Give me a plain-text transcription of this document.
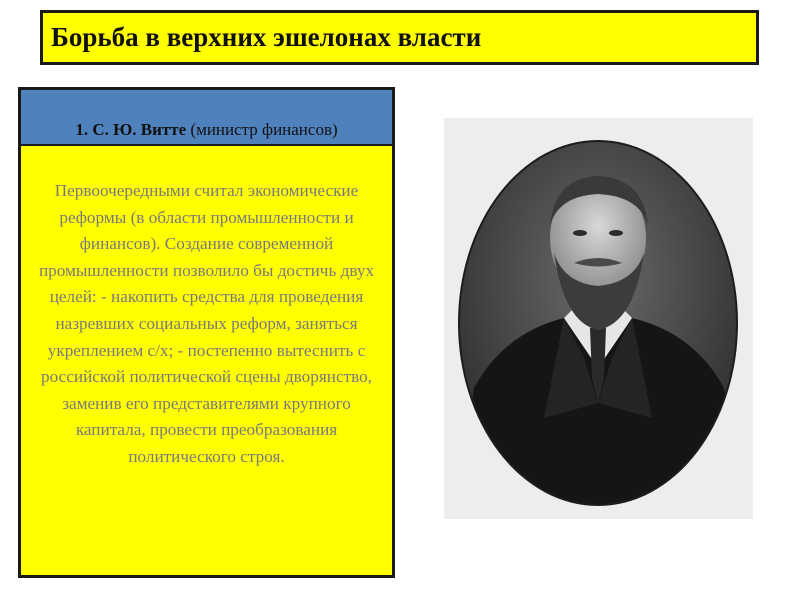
Борьба в верхних эшелонах власти
1. С. Ю. Витте (министр финансов)
Первоочередными считал экономические реформы (в области промышленности и финансов). Создание современной промышленности позволило бы достичь двух целей: - накопить средства для проведения назревших социальных реформ, заняться укреплением с/х; - постепенно вытеснить с российской политической сцены дворянство, заменив его представителями крупного капитала, провести преобразования политического строя.
